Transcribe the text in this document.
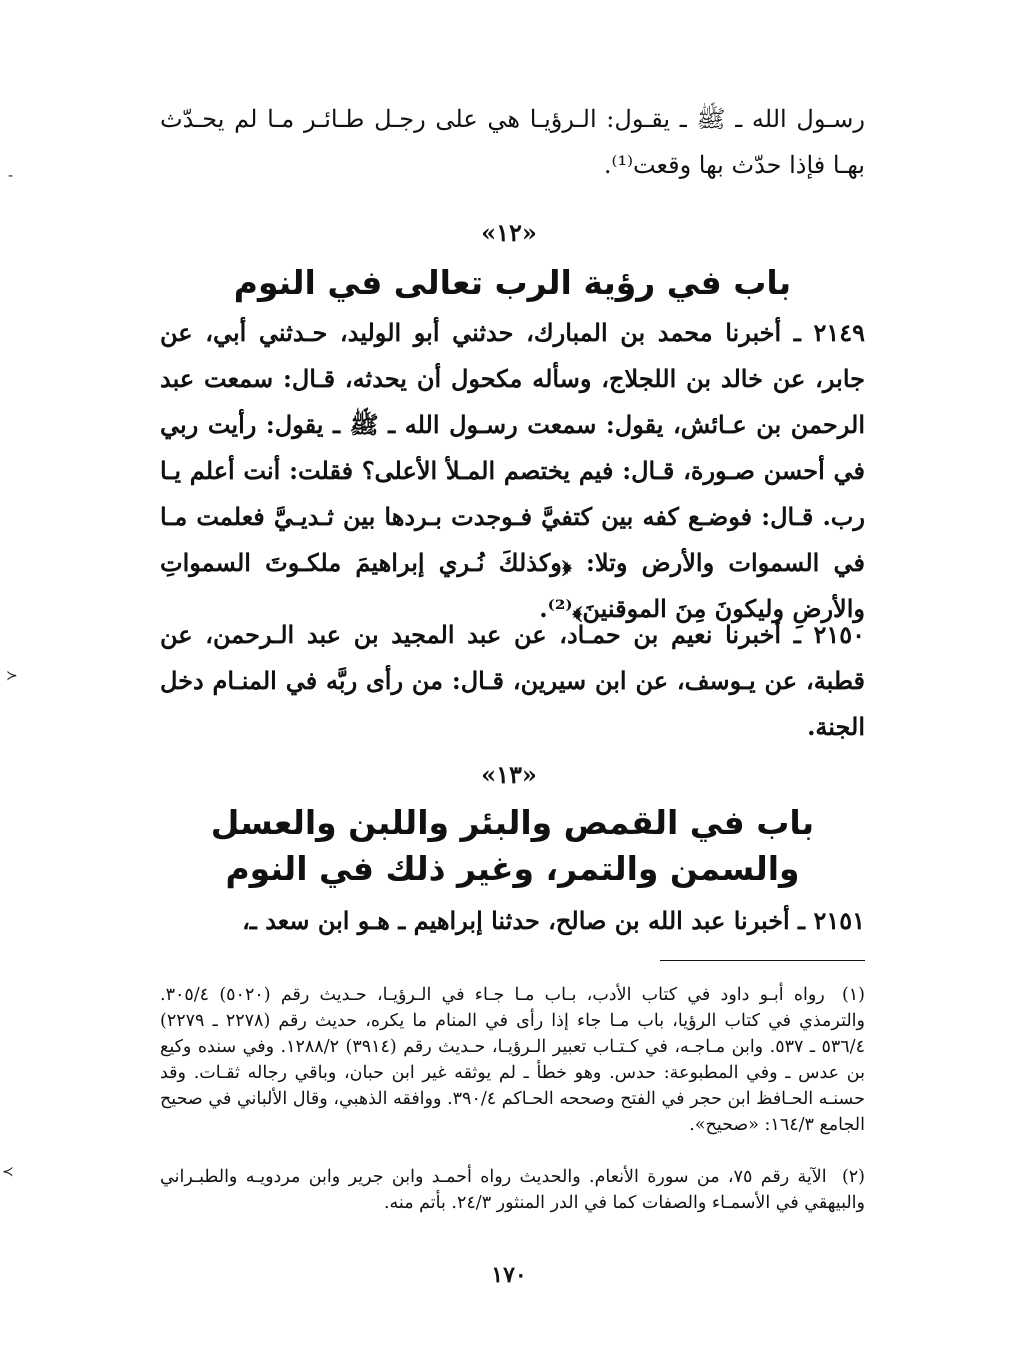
رسـول الله ـ ﷺ ـ يقـول: الـرؤيـا هي على رجـل طـائـر مـا لم يحـدّث بهـا فإذا حدّث بها وقعت⁽¹⁾.
«١٢»
باب في رؤية الرب تعالى في النوم
٢١٤٩ ـ أخبرنا محمد بن المبارك، حدثني أبو الوليد، حـدثني أبي، عن جابر، عن خالد بن اللجلاج، وسأله مكحول أن يحدثه، قـال: سمعت عبد الرحمن بن عـائش، يقول: سمعت رسـول الله ـ ﷺ ـ يقول: رأيت ربي في أحسن صـورة، قـال: فيم يختصم المـلأ الأعلى؟ فقلت: أنت أعلم يـا رب. قـال: فوضـع كفه بين كتفيَّ فـوجدت بـردها بين ثـديـيَّ فعلمت مـا في السموات والأرض وتلا: ﴿وكذلكَ نُـري إبراهيمَ ملكـوتَ السمواتِ والأرضِ وليكونَ مِنَ الموقنينَ﴾⁽²⁾.
٢١٥٠ ـ أخبرنا نعيم بن حمـاد، عن عبد المجيد بن عبد الـرحمن، عن قطبة، عن يـوسف، عن ابن سيرين، قـال: من رأى ربَّه في المنـام دخل الجنة.
«١٣»
باب في القمص والبئر واللبن والعسل
والسمن والتمر، وغير ذلك في النوم
٢١٥١ ـ أخبرنا عبد الله بن صالح، حدثنا إبراهيم ـ هـو ابن سعد ـ،
(١) رواه أبـو داود في كتاب الأدب، بـاب مـا جـاء في الـرؤيـا، حـديث رقم (٥٠٢٠) ٣٠٥/٤. والترمذي في كتاب الرؤيا، باب مـا جاء إذا رأى في المنام ما يكره، حديث رقم (٢٢٧٨ ـ ٢٢٧٩) ٥٣٦/٤ ـ ٥٣٧. وابن مـاجـه، في كـتـاب تعبير الـرؤيـا، حـديث رقم (٣٩١٤) ١٢٨٨/٢. وفي سنده وكيع بن عدس ـ وفي المطبوعة: حدس. وهو خطأ ـ لم يوثقه غير ابن حبان، وباقي رجاله ثقـات. وقد حسنـه الحـافظ ابن حجر في الفتح وصححه الحـاكم ٣٩٠/٤. ووافقه الذهبي، وقال الألباني في صحيح الجامع ١٦٤/٣: «صحيح».
(٢) الآية رقم ٧٥، من سورة الأنعام. والحديث رواه أحمـد وابن جرير وابن مردويـه والطبـراني والبيهقي في الأسمـاء والصفات كما في الدر المنثور ٢٤/٣. بأتم منه.
١٧٠
‐
≺
≻
